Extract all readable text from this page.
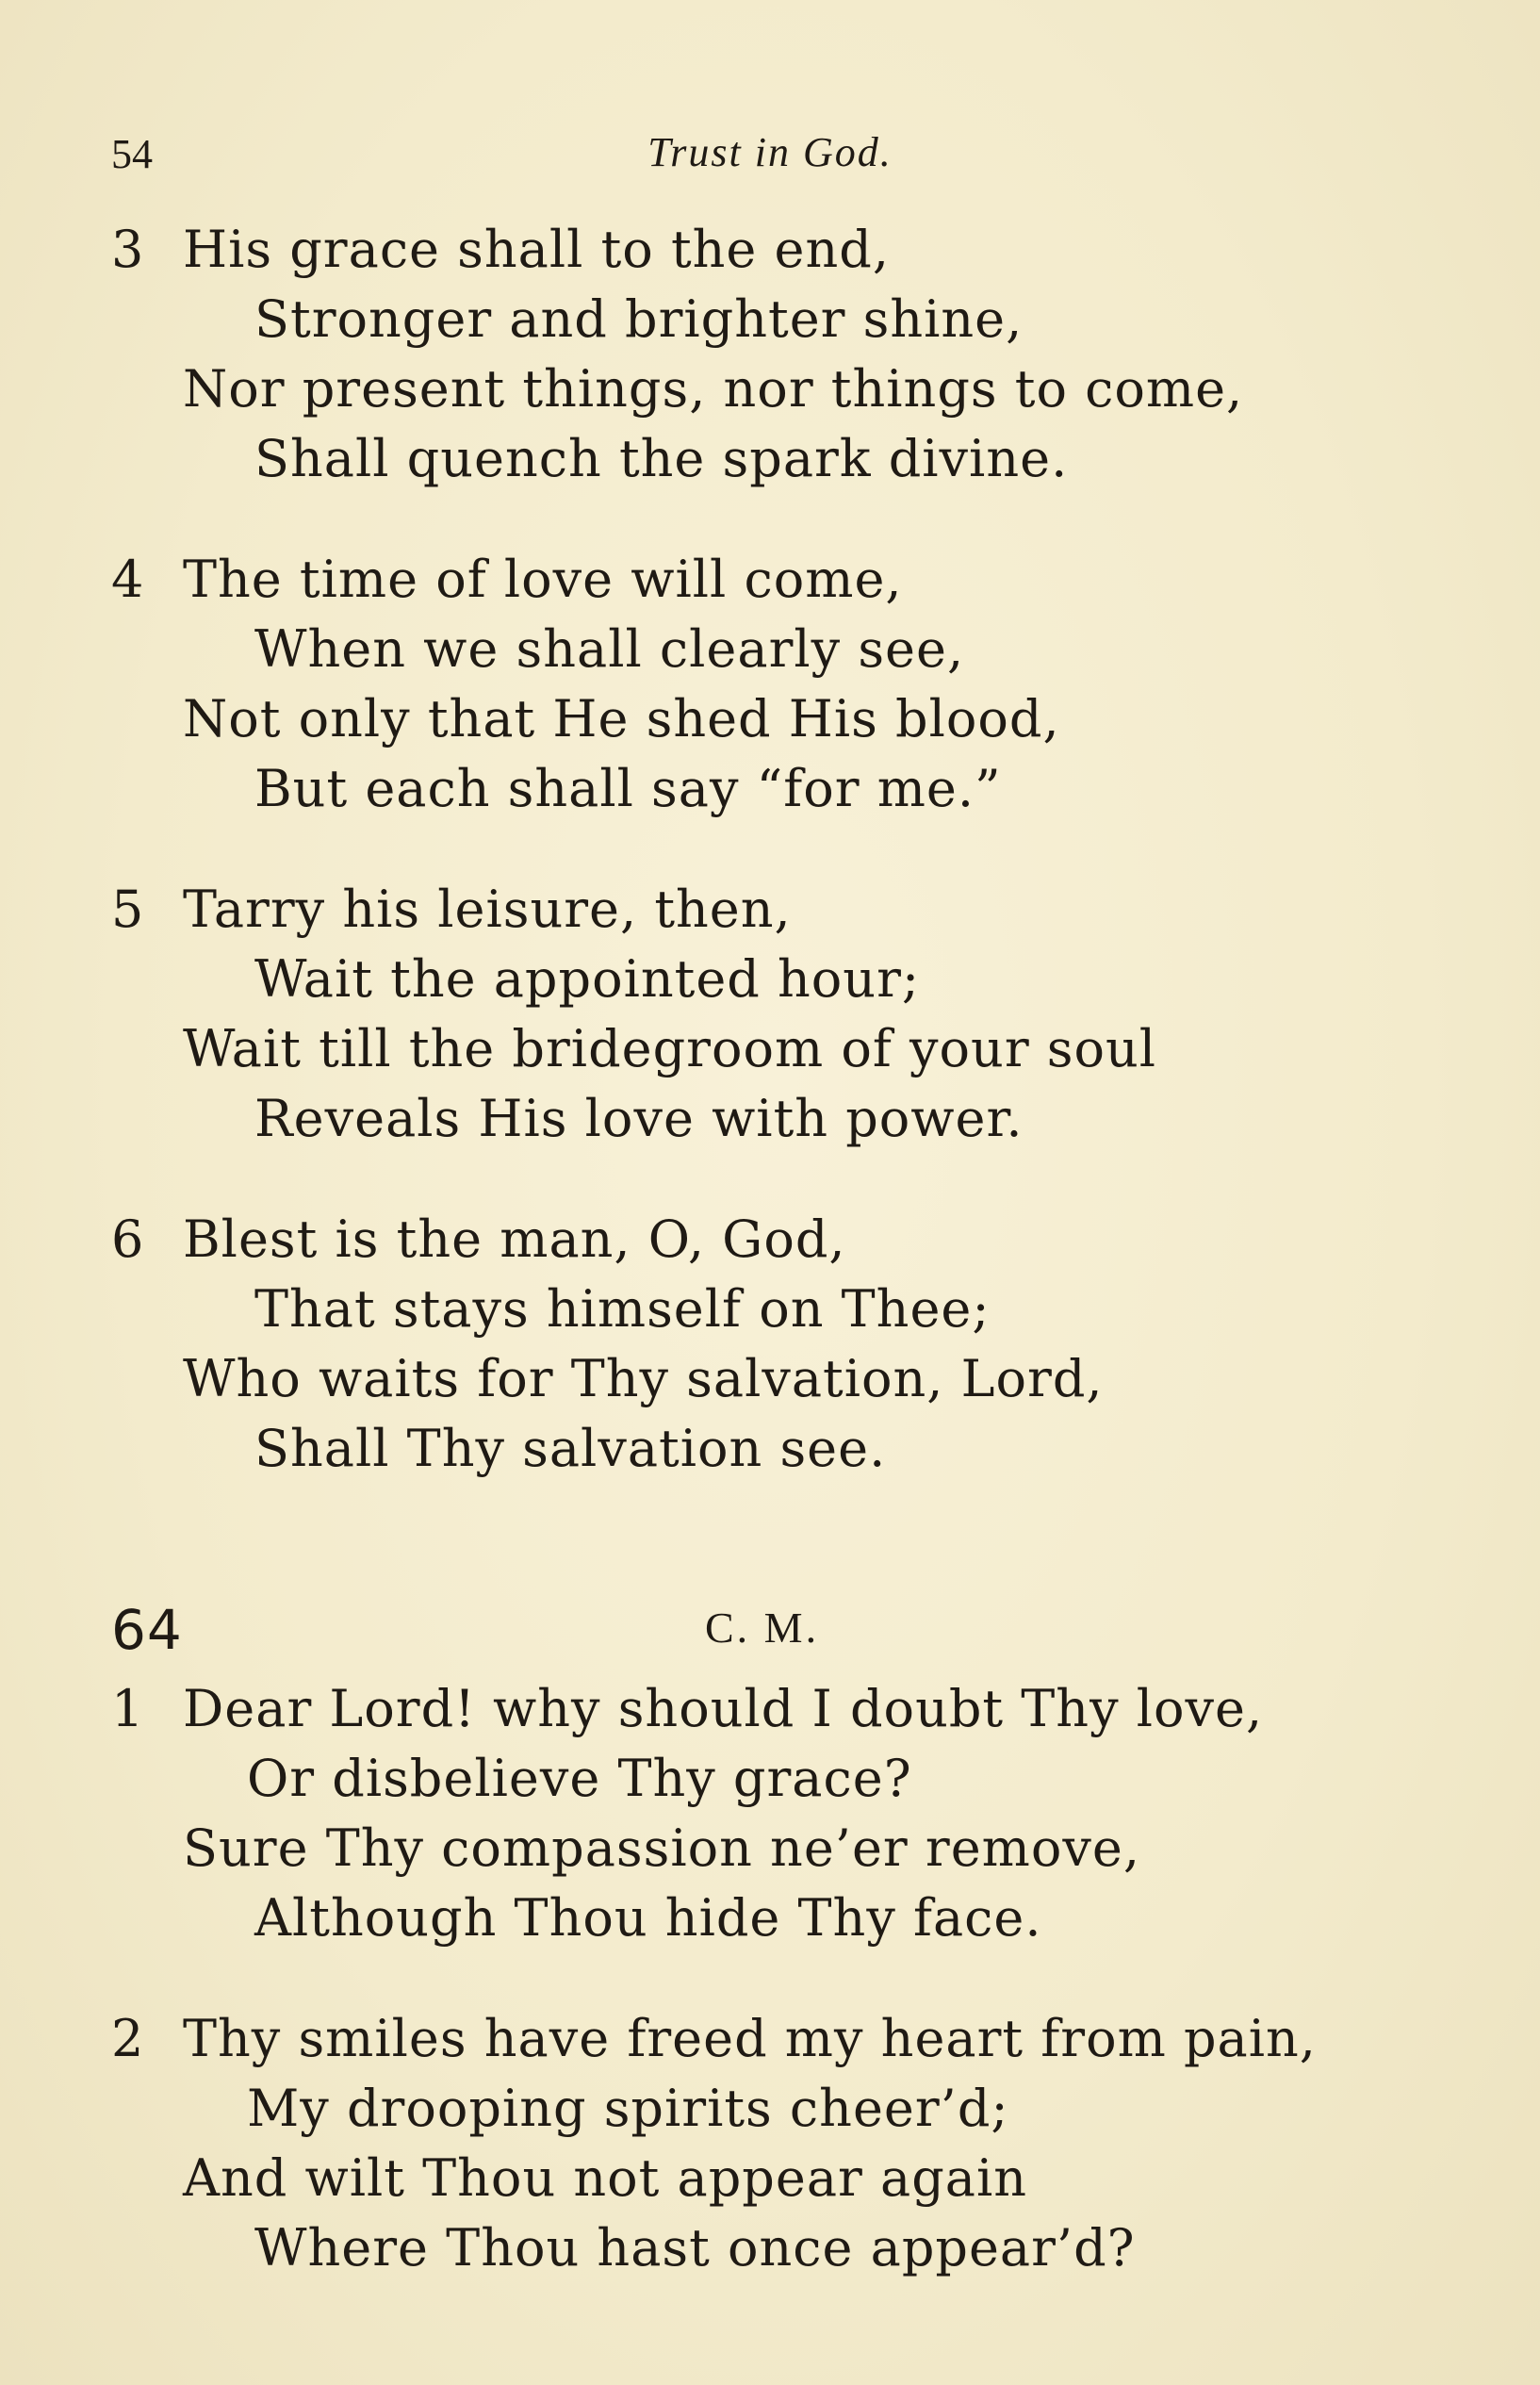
54	Trust in God.
3 His grace shall to the end,
Stronger and brighter shine,
Nor present things, nor things to come,
Shall quench the spark divine.
4 The time of love will come,
When we shall clearly see,
Not only that He shed His blood,
But each shall say “for me.”
5 Tarry his leisure, then,
Wait the appointed hour;
Wait till the bridegroom of your soul
Reveals His love with power.
6 Blest is the man, O, God,
That stays himself on Thee;
Who waits for Thy salvation, Lord,
Shall Thy salvation see.
64	C. M.
1 Dear Lord! why should I doubt Thy love,
Or disbelieve Thy grace?
Sure Thy compassion ne’er remove,
Although Thou hide Thy face.
2 Thy smiles have freed my heart from pain,
My drooping spirits cheer’d;
And wilt Thou not appear again
Where Thou hast once appear’d?
